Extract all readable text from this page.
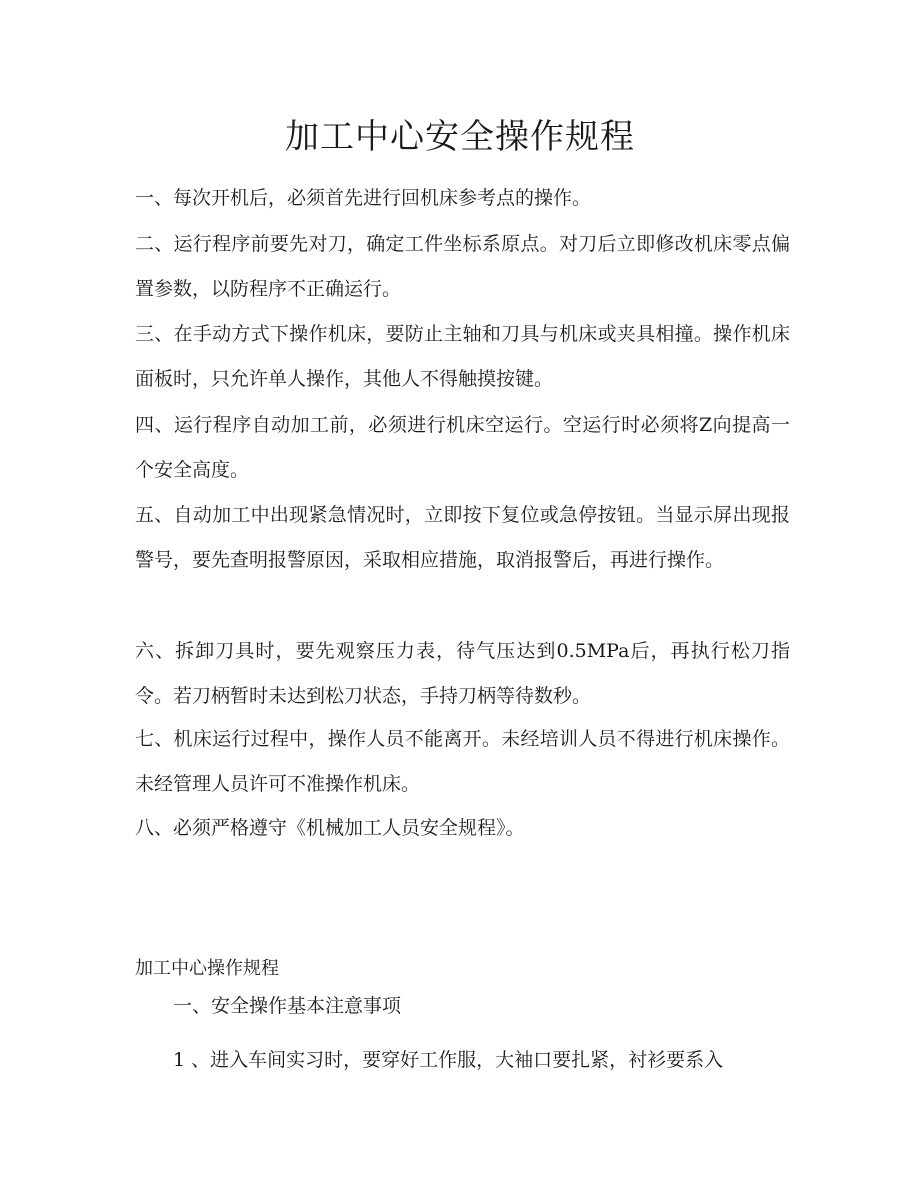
加工中心安全操作规程

一、每次开机后，必须首先进行回机床参考点的操作。

二、运行程序前要先对刀，确定工件坐标系原点。对刀后立即修改机床零点偏置参数，以防程序不正确运行。

三、在手动方式下操作机床，要防止主轴和刀具与机床或夹具相撞。操作机床面板时，只允许单人操作，其他人不得触摸按键。

四、运行程序自动加工前，必须进行机床空运行。空运行时必须将Z向提高一个安全高度。

五、自动加工中出现紧急情况时，立即按下复位或急停按钮。当显示屏出现报警号，要先查明报警原因，采取相应措施，取消报警后，再进行操作。

六、拆卸刀具时，要先观察压力表，待气压达到0.5MPa后，再执行松刀指令。若刀柄暂时未达到松刀状态，手持刀柄等待数秒。

七、机床运行过程中，操作人员不能离开。未经培训人员不得进行机床操作。未经管理人员许可不准操作机床。

八、必须严格遵守《机械加工人员安全规程》。

加工中心操作规程

一、安全操作基本注意事项

1 、进入车间实习时，要穿好工作服，大袖口要扎紧，衬衫要系入
